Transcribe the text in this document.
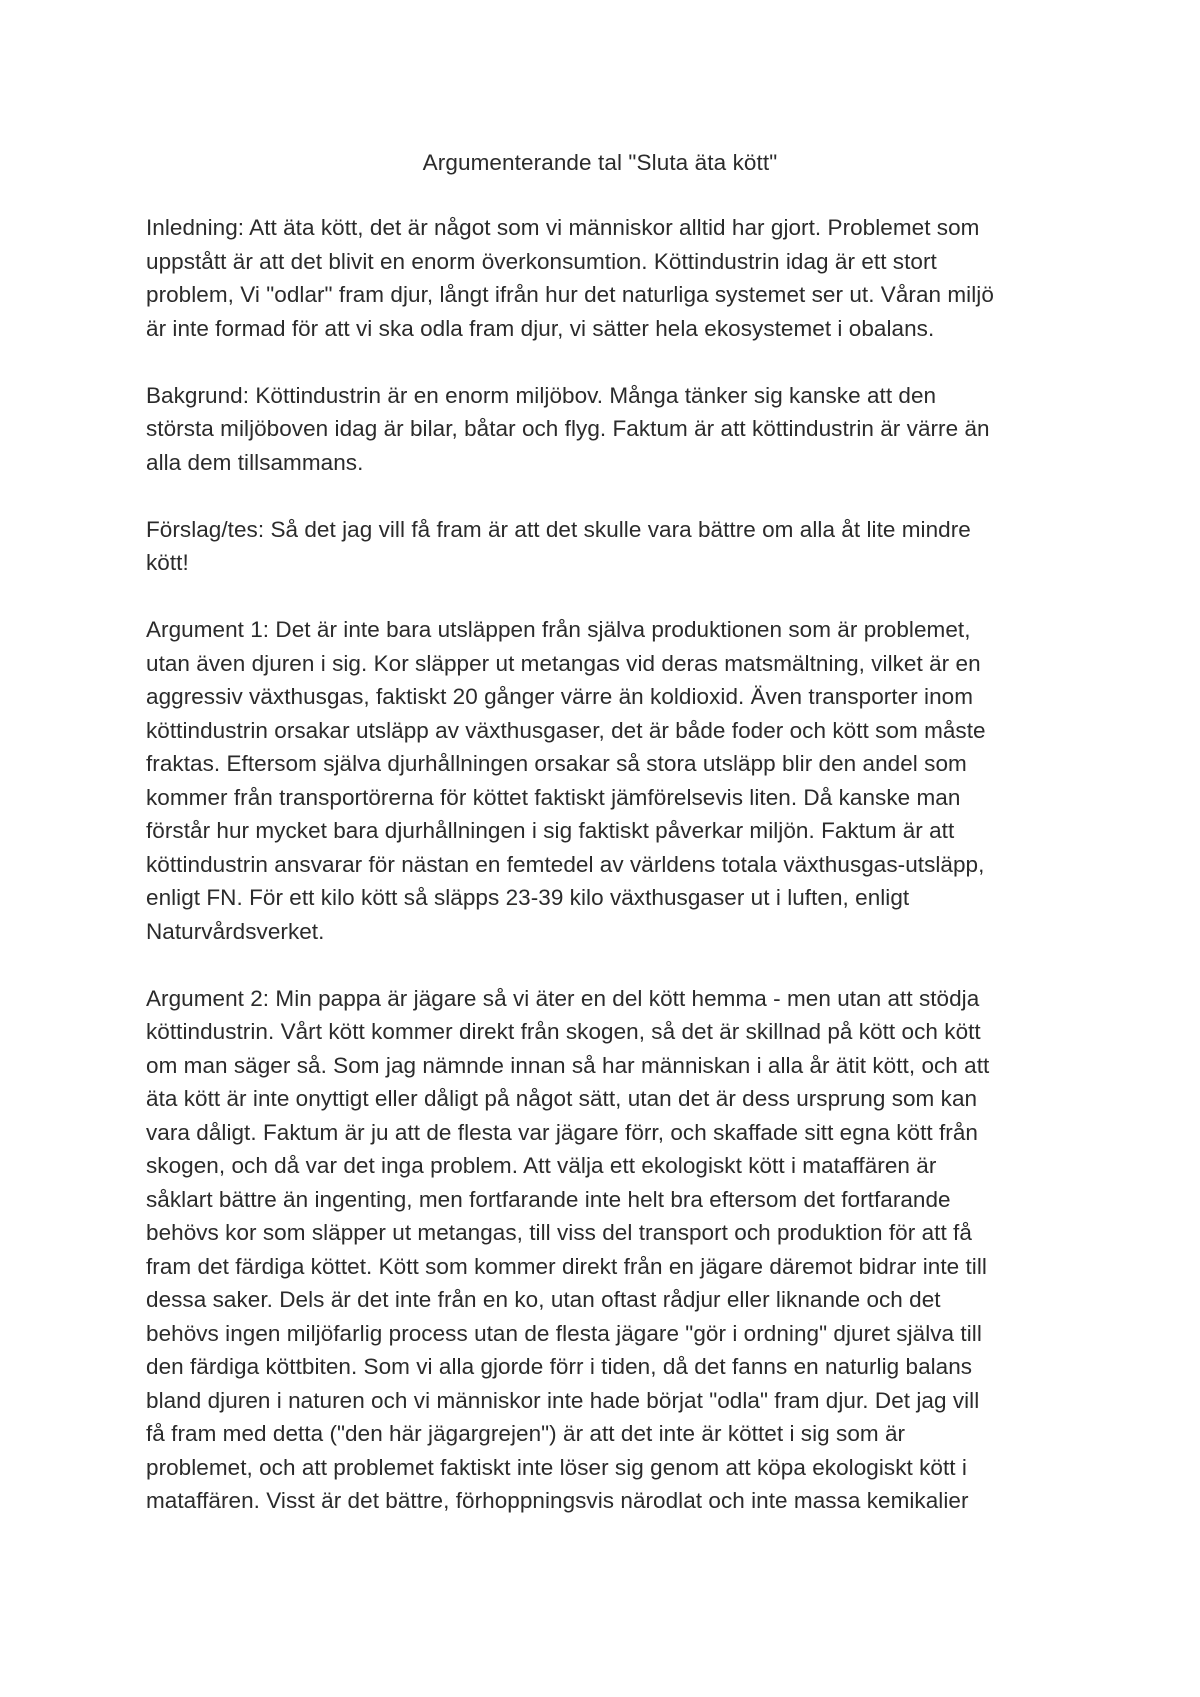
Argumenterande tal "Sluta äta kött"
Inledning: Att äta kött, det är något som vi människor alltid har gjort. Problemet som
uppstått är att det blivit en enorm överkonsumtion. Köttindustrin idag är ett stort
problem, Vi "odlar" fram djur, långt ifrån hur det naturliga systemet ser ut. Våran miljö
är inte formad för att vi ska odla fram djur, vi sätter hela ekosystemet i obalans.
Bakgrund: Köttindustrin är en enorm miljöbov. Många tänker sig kanske att den
största miljöboven idag är bilar, båtar och flyg. Faktum är att köttindustrin är värre än
alla dem tillsammans.
Förslag/tes: Så det jag vill få fram är att det skulle vara bättre om alla åt lite mindre
kött!
Argument 1: Det är inte bara utsläppen från själva produktionen som är problemet,
utan även djuren i sig. Kor släpper ut metangas vid deras matsmältning, vilket är en
aggressiv växthusgas, faktiskt 20 gånger värre än koldioxid. Även transporter inom
köttindustrin orsakar utsläpp av växthusgaser, det är både foder och kött som måste
fraktas. Eftersom själva djurhållningen orsakar så stora utsläpp blir den andel som
kommer från transportörerna för köttet faktiskt jämförelsevis liten. Då kanske man
förstår hur mycket bara djurhållningen i sig faktiskt påverkar miljön. Faktum är att
köttindustrin ansvarar för nästan en femtedel av världens totala växthusgas-utsläpp,
enligt FN. För ett kilo kött så släpps 23-39 kilo växthusgaser ut i luften, enligt
Naturvårdsverket.
Argument 2: Min pappa är jägare så vi äter en del kött hemma - men utan att stödja
köttindustrin. Vårt kött kommer direkt från skogen, så det är skillnad på kött och kött
om man säger så. Som jag nämnde innan så har människan i alla år ätit kött, och att
äta kött är inte onyttigt eller dåligt på något sätt, utan det är dess ursprung som kan
vara dåligt. Faktum är ju att de flesta var jägare förr, och skaffade sitt egna kött från
skogen, och då var det inga problem. Att välja ett ekologiskt kött i mataffären är
såklart bättre än ingenting, men fortfarande inte helt bra eftersom det fortfarande
behövs kor som släpper ut metangas, till viss del transport och produktion för att få
fram det färdiga köttet. Kött som kommer direkt från en jägare däremot bidrar inte till
dessa saker. Dels är det inte från en ko, utan oftast rådjur eller liknande och det
behövs ingen miljöfarlig process utan de flesta jägare "gör i ordning" djuret själva till
den färdiga köttbiten. Som vi alla gjorde förr i tiden, då det fanns en naturlig balans
bland djuren i naturen och vi människor inte hade börjat "odla" fram djur. Det jag vill
få fram med detta ("den här jägargrejen") är att det inte är köttet i sig som är
problemet, och att problemet faktiskt inte löser sig genom att köpa ekologiskt kött i
mataffären. Visst är det bättre, förhoppningsvis närodlat och inte massa kemikalier
